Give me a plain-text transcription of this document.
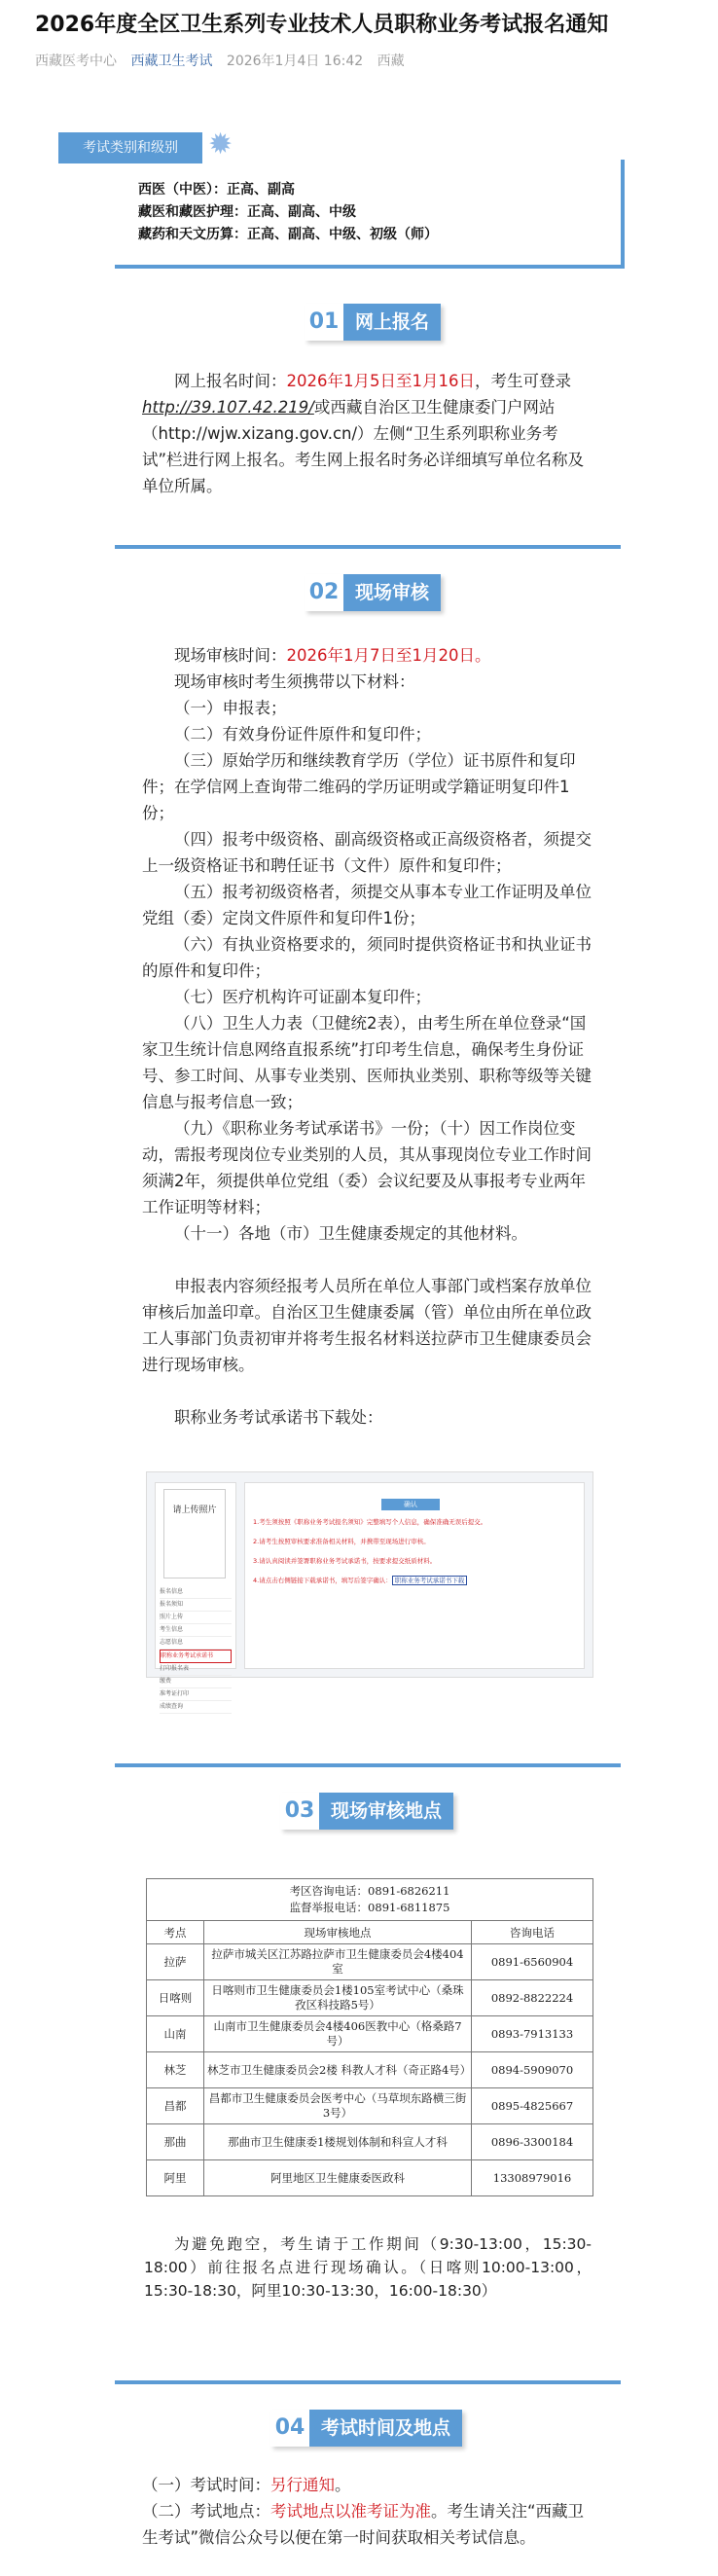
2026年度全区卫生系列专业技术人员职称业务考试报名通知
西藏医考中心 西藏卫生考试 2026年1月4日 16:42 西藏
考试类别和级别	✹
西医（中医）：正高、副高
藏医和藏医护理：正高、副高、中级
藏药和天文历算：正高、副高、中级、初级（师）
01 网上报名

网上报名时间：2026年1月5日至1月16日，考生可登录http://39.107.42.219/或西藏自治区卫生健康委门户网站（http://wjw.xizang.gov.cn/）左侧“卫生系列职称业务考试”栏进行网上报名。考生网上报名时务必详细填写单位名称及单位所属。

02 现场审核

现场审核时间：2026年1月7日至1月20日。

现场审核时考生须携带以下材料：

（一）申报表；

（二）有效身份证件原件和复印件；

（三）原始学历和继续教育学历（学位）证书原件和复印件；在学信网上查询带二维码的学历证明或学籍证明复印件1份；

（四）报考中级资格、副高级资格或正高级资格者，须提交上一级资格证书和聘任证书（文件）原件和复印件；

（五）报考初级资格者，须提交从事本专业工作证明及单位党组（委）定岗文件原件和复印件1份；

（六）有执业资格要求的，须同时提供资格证书和执业证书的原件和复印件；

（七）医疗机构许可证副本复印件；

（八）卫生人力表（卫健统2表），由考生所在单位登录“国家卫生统计信息网络直报系统”打印考生信息，确保考生身份证号、参工时间、从事专业类别、医师执业类别、职称等级等关键信息与报考信息一致；

（九）《职称业务考试承诺书》一份；（十）因工作岗位变动，需报考现岗位专业类别的人员，其从事现岗位专业工作时间须满2年，须提供单位党组（委）会议纪要及从事报考专业两年工作证明等材料；

（十一）各地（市）卫生健康委规定的其他材料。

申报表内容须经报考人员所在单位人事部门或档案存放单位审核后加盖印章。自治区卫生健康委属（管）单位由所在单位政工人事部门负责初审并将考生报名材料送拉萨市卫生健康委员会进行现场审核。

职称业务考试承诺书下载处：

请上传照片
报名信息
报名须知
照片上传
考生信息
志愿信息
职称业务考试承诺书
打印报名表
缴费
准考证打印
成绩查询
确认
1.考生须按照《职称业务考试报名须知》完整填写个人信息，确保准确无误后提交。
2.请考生按照审核要求准备相关材料，并携带至现场进行审核。
3.请认真阅读并签署职称业务考试承诺书，按要求提交纸质材料。
4.请点击右侧链接下载承诺书，填写后签字确认： 职称业务考试承诺书下载
03 现场审核地点
考区咨询电话：0891-6826211
监督举报电话：0891-6811875		

考点	现场审核地点	咨询电话
拉萨	拉萨市城关区江苏路拉萨市卫生健康委员会4楼404室	0891-6560904
日喀则	日喀则市卫生健康委员会1楼105室考试中心（桑珠孜区科技路5号）	0892-8822224
山南	山南市卫生健康委员会4楼406医教中心（格桑路7号）	0893-7913133
林芝	林芝市卫生健康委员会2楼 科教人才科（奇正路4号）	0894-5909070
昌都	昌都市卫生健康委员会医考中心（马草坝东路横三街3号）	0895-4825667
那曲	那曲市卫生健康委1楼规划体制和科宣人才科	0896-3300184
阿里	阿里地区卫生健康委医政科	13308979016

为避免跑空，考生请于工作期间（9:30-13:00，15:30-18:00）前往报名点进行现场确认。（日喀则10:00-13:00，15:30-18:30，阿里10:30-13:30，16:00-18:30）

04 考试时间及地点

（一）考试时间：另行通知。

（二）考试地点：考试地点以准考证为准。考生请关注“西藏卫生考试”微信公众号以便在第一时间获取相关考试信息。
